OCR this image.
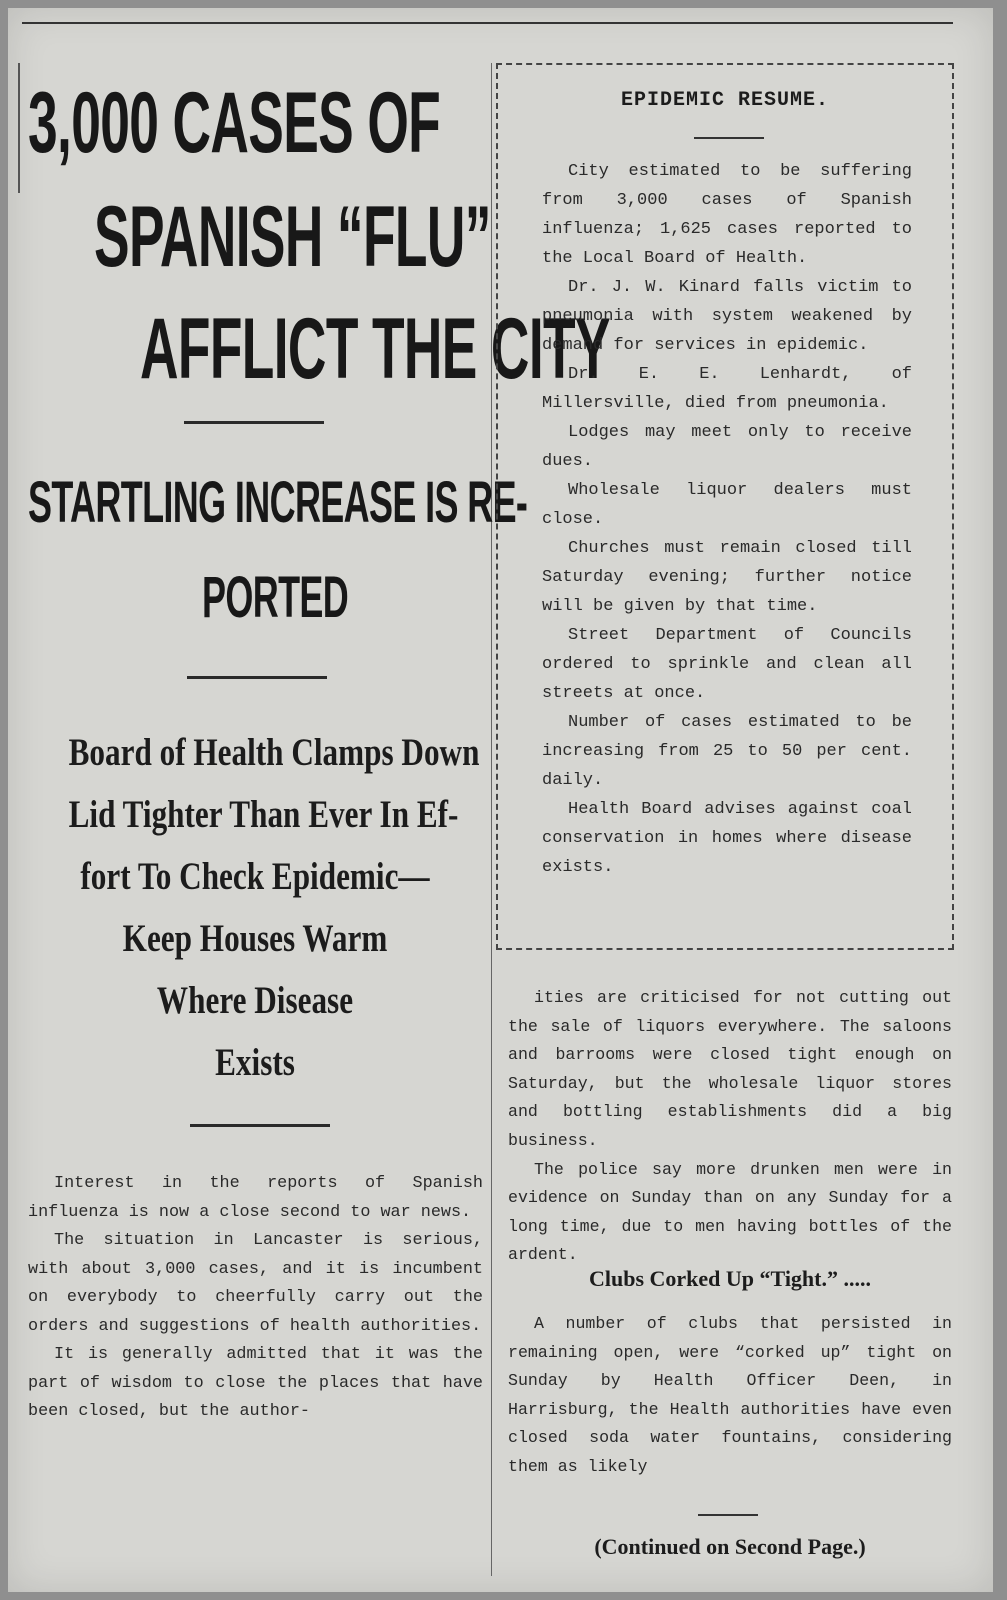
3,000 CASES OF
SPANISH “FLU”
AFFLICT THE CITY
STARTLING INCREASE IS RE-
PORTED
Board of Health Clamps Down
Lid Tighter Than Ever In Ef-
fort To Check Epidemic—
Keep Houses Warm
Where Disease
Exists

Interest in the reports of Spanish influenza is now a close second to war news.

The situation in Lancaster is serious, with about 3,000 cases, and it is incumbent on everybody to cheerfully carry out the orders and suggestions of health authorities.

It is generally admitted that it was the part of wisdom to close the places that have been closed, but the author-

EPIDEMIC RESUME.

City estimated to be suffering from 3,000 cases of Spanish influenza; 1,625 cases reported to the Local Board of Health.

Dr. J. W. Kinard falls victim to pneumonia with system weakened by demand for services in epidemic.

Dr. E. E. Lenhardt, of Millersville, died from pneumonia.

Lodges may meet only to receive dues.

Wholesale liquor dealers must close.

Churches must remain closed till Saturday evening; further notice will be given by that time.

Street Department of Councils ordered to sprinkle and clean all streets at once.

Number of cases estimated to be increasing from 25 to 50 per cent. daily.

Health Board advises against coal conservation in homes where disease exists.

ities are criticised for not cutting out the sale of liquors everywhere. The saloons and barrooms were closed tight enough on Saturday, but the wholesale liquor stores and bottling establishments did a big business.

The police say more drunken men were in evidence on Sunday than on any Sunday for a long time, due to men having bottles of the ardent.

Clubs Corked Up “Tight.” .....

A number of clubs that persisted in remaining open, were “corked up” tight on Sunday by Health Officer Deen, in Harrisburg, the Health authorities have even closed soda water fountains, considering them as likely

(Continued on Second Page.)
